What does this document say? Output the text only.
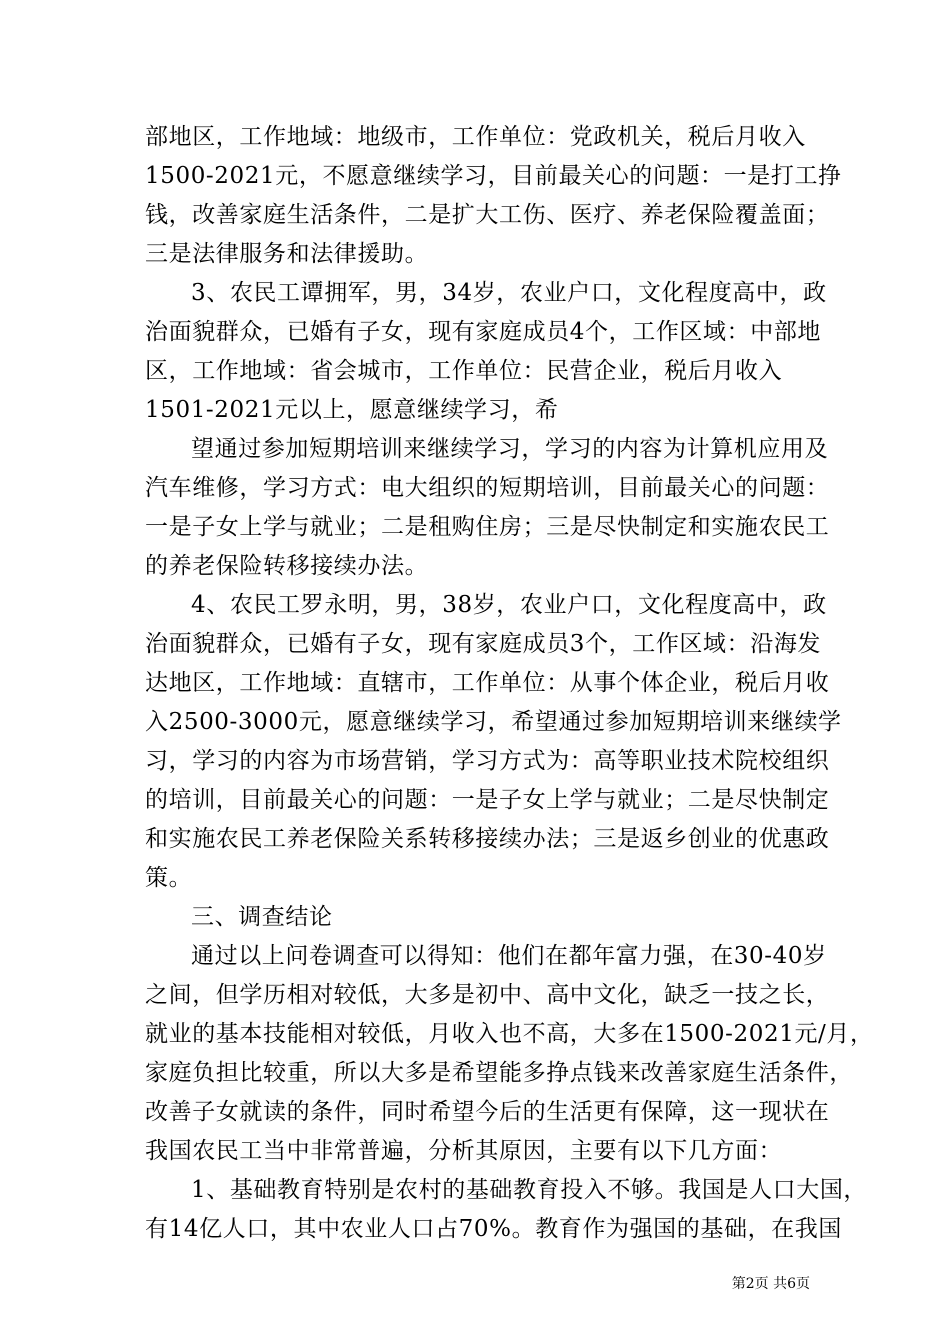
部地区，工作地域：地级市，工作单位：党政机关，税后月收入
1500-2021元，不愿意继续学习，目前最关心的问题：一是打工挣
钱，改善家庭生活条件，二是扩大工伤、医疗、养老保险覆盖面；
三是法律服务和法律援助。
3、农民工谭拥军，男，34岁，农业户口，文化程度高中，政
治面貌群众，已婚有子女，现有家庭成员4个，工作区域：中部地
区，工作地域：省会城市，工作单位：民营企业，税后月收入
1501-2021元以上，愿意继续学习，希
望通过参加短期培训来继续学习，学习的内容为计算机应用及
汽车维修，学习方式：电大组织的短期培训，目前最关心的问题：
一是子女上学与就业；二是租购住房；三是尽快制定和实施农民工
的养老保险转移接续办法。
4、农民工罗永明，男，38岁，农业户口，文化程度高中，政
治面貌群众，已婚有子女，现有家庭成员3个，工作区域：沿海发
达地区，工作地域：直辖市，工作单位：从事个体企业，税后月收
入2500-3000元，愿意继续学习，希望通过参加短期培训来继续学
习，学习的内容为市场营销，学习方式为：高等职业技术院校组织
的培训，目前最关心的问题：一是子女上学与就业；二是尽快制定
和实施农民工养老保险关系转移接续办法；三是返乡创业的优惠政
策。
三、调查结论
通过以上问卷调查可以得知：他们在都年富力强，在30-40岁
之间，但学历相对较低，大多是初中、高中文化，缺乏一技之长，
就业的基本技能相对较低，月收入也不高，大多在1500-2021元/月，
家庭负担比较重，所以大多是希望能多挣点钱来改善家庭生活条件，
改善子女就读的条件，同时希望今后的生活更有保障，这一现状在
我国农民工当中非常普遍，分析其原因，主要有以下几方面：
1、基础教育特别是农村的基础教育投入不够。我国是人口大国，
有14亿人口，其中农业人口占70%。教育作为强国的基础，在我国
第2页 共6页
